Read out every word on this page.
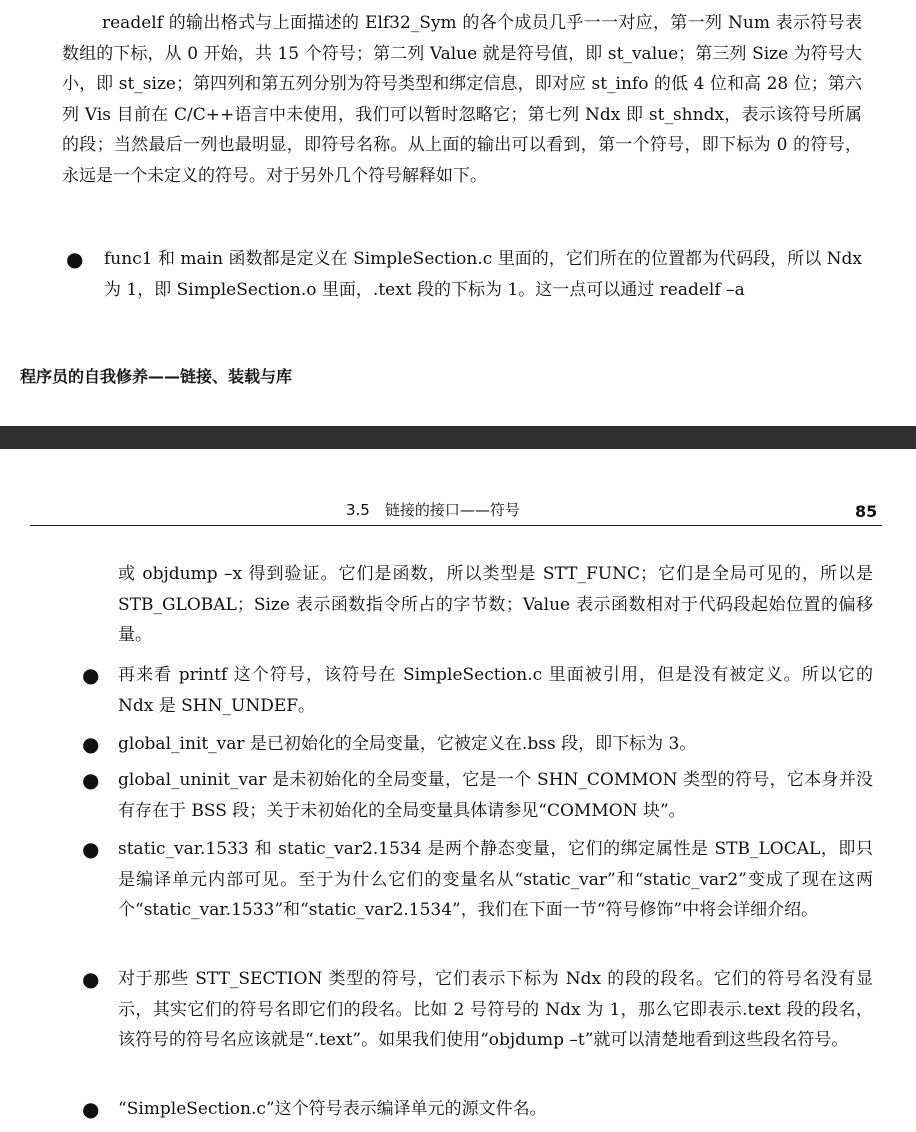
readelf 的输出格式与上面描述的 Elf32_Sym 的各个成员几乎一一对应，第一列 Num 表示符号表数组的下标，从 0 开始，共 15 个符号；第二列 Value 就是符号值，即 st_value；第三列 Size 为符号大小，即 st_size；第四列和第五列分别为符号类型和绑定信息，即对应 st_info 的低 4 位和高 28 位；第六列 Vis 目前在 C/C++语言中未使用，我们可以暂时忽略它；第七列 Ndx 即 st_shndx，表示该符号所属的段；当然最后一列也最明显，即符号名称。从上面的输出可以看到，第一个符号，即下标为 0 的符号，永远是一个未定义的符号。对于另外几个符号解释如下。

● func1 和 main 函数都是定义在 SimpleSection.c 里面的，它们所在的位置都为代码段，所以 Ndx 为 1，即 SimpleSection.o 里面，.text 段的下标为 1。这一点可以通过 readelf –a

程序员的自我修养——链接、装载与库
3.5　链接的接口——符号	85

或 objdump –x 得到验证。它们是函数，所以类型是 STT_FUNC；它们是全局可见的，所以是 STB_GLOBAL；Size 表示函数指令所占的字节数；Value 表示函数相对于代码段起始位置的偏移量。

● 再来看 printf 这个符号，该符号在 SimpleSection.c 里面被引用，但是没有被定义。所以它的 Ndx 是 SHN_UNDEF。

● global_init_var 是已初始化的全局变量，它被定义在.bss 段，即下标为 3。

● global_uninit_var 是未初始化的全局变量，它是一个 SHN_COMMON 类型的符号，它本身并没有存在于 BSS 段；关于未初始化的全局变量具体请参见“COMMON 块”。

● static_var.1533 和 static_var2.1534 是两个静态变量，它们的绑定属性是 STB_LOCAL，即只是编译单元内部可见。至于为什么它们的变量名从“static_var”和“static_var2”变成了现在这两个“static_var.1533”和“static_var2.1534”，我们在下面一节“符号修饰”中将会详细介绍。

● 对于那些 STT_SECTION 类型的符号，它们表示下标为 Ndx 的段的段名。它们的符号名没有显示，其实它们的符号名即它们的段名。比如 2 号符号的 Ndx 为 1，那么它即表示.text 段的段名，该符号的符号名应该就是“.text”。如果我们使用“objdump –t”就可以清楚地看到这些段名符号。

● “SimpleSection.c”这个符号表示编译单元的源文件名。
